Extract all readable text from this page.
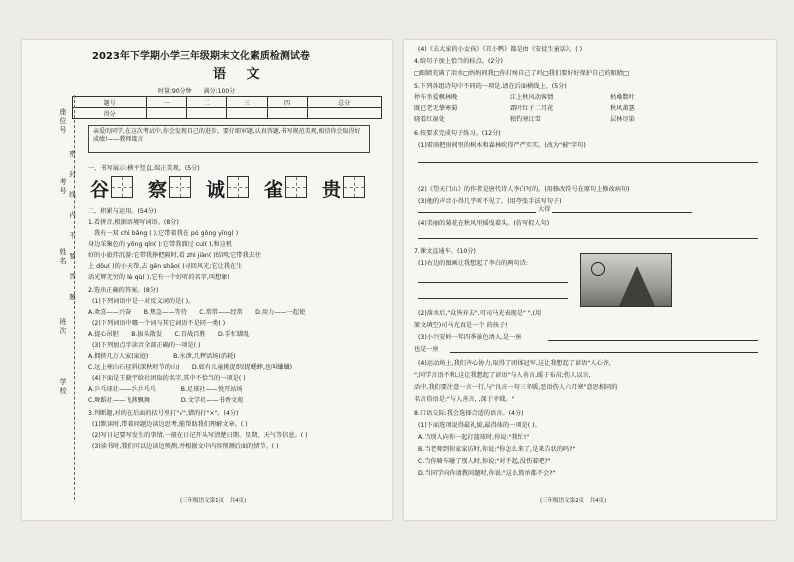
2023年下学期小学三年级期末文化素质检测试卷
语 文
时量:90分钟　　满分:100分
题号	一	二	三	四	总分
得分					
亲爱的同学,在这次考试中,你会发现自己的进步。要仔细审题,认真答题,书写规范美观,相信你会取得好成绩!——教师箴言
座位号
考号
姓名
班次
学校
密封线内不要答题 一、书写展示:横平竖直,端正美观。(5分)
谷 察 诚 雀 贵
二、积累与运用。(54分)
1.看拼音,根据语境写词语。(8分)
我有一双 chì bǎng ( ),它带着我在 pó gōng yīng( )
身边采集色的 yōng qīn( ):它带我溜过 cuì( ),和这机
好的小旅伴沉游:它带我挣把隔时,看 zhì jiàn( )结网;它带我去往
上 dōu( )的小天帮,去 gēn shāo( )寻回风光;它让我在生
活光辉无穷的 lè qù( ),它有一个好听的名字,叫想象!
2.选出正确的答案。(8分)
(1)下列词语中是一对反义词的是( )。
A.欢喜——兴奋　　B.焦急——等待　　C.常常——经常　　D.用力——一起使
(2)下列词语中哪一个词与其它词语不是同一类( )
A.提心吊胆　　B.拔头散发　　C.百战百胜　　D.手忙脚乱
(3)下列加点字读音全部正确的一项是( )
A.拥挤几万人家(家庭)　　　　B.水泄,几秤活场(消耗)
C.远上寒山石径斜(深秋时节的山)　　D.如有儿童挑促织(捉蟋蟀,也叫蛐蛐)
(4)下面是王晓宇给社团取的名字,其中不恰当的一项是( )
A.乒乓球社——乒乒乓乓　　　　B.足球社——悦开站场
C.舞蹈社——飞燕飘舞　　　　　D.文学社——书香文苑
3.判断题,对的在后面的括号里打"√",错的打"×"。(4分)
(1)默读时,带着问题边读边思考,能帮助我们理解文章。( )
(2)写日记要写发生的事情,一般在日记开头写清楚日期、星期、天气等信息。( )
(3)读书时,我们可以边读边预测,并根据文中内容预测后面的情节。( )
(三年级语文第1页　共4页)
(4)《去大家的小女孩》《丑小鸭》都是由《安徒生童话》。( )
4.给句子加上恰当的标点。(2分)
□眼睛充满了泪水□妈妈问我□你打疼自己了吗□我们要好好保护自己的眼睛□
5.下列各组诗句中不同的一项是,请在后面横线上。(5分)
停车坐爱枫林晚	江上秋风动客情	枯桑数叶
既已老无挚寒菊	霜叶红于二月花	秋风萧瑟
晓看红湿处	独钓寒江雪	层林尽染
6.按要求完成句子练习。(12分)
(1)雷雨把房间里的树木和森林吹得严严实实。(改为"被"字句)
(2)《望天门山》的作者是唐代诗人李白写的。(用修改符号在原句上修改病句)
(3)他的声音小得几乎听不见了。(用夸张手法写句子)
大得
(4)美丽的菊花在秋风里摇曳着头。(仿写拟人句)
7.课文直通车。(10分)
(1)右边的图画让我想起了李白的两句诗:
(2)落水后,"众皆弃去",可司马光表现是" ",(用
原文填空)司马光真是一个 的孩子!
(3)小兴安岭一年四季景色诱人,是一座
也是一座
(4)运动场上,我们齐心协力,取得了团体冠军,这让我想起了谚语"人心齐,
";同学言语不和,这让我想起了谚语"与人善言,暖于布帛;伤人以言,
活中,我们要注意一言一行,与"良言一句三冬暖,恶语伤人六月寒"意思相同的
名言俗语是:"与人善言, ,深于矛戟。"
8.口语交际:我会选择合适的语言。(4分)
(1)下面选项说得最礼貌,最得体的一项是( )。
A.当别人向你一起打篮球时,你说:"我忙!"
B.当老师到你家家访时,你说:"你怎么来了,是来告状的吗?"
C.当你骑车碰了别人时,你说:"对不起,没伤着吧?"
D.当同学向你请教问题时,你说:"这么简单都不会?"
(三年级语文第2页　共4页)
